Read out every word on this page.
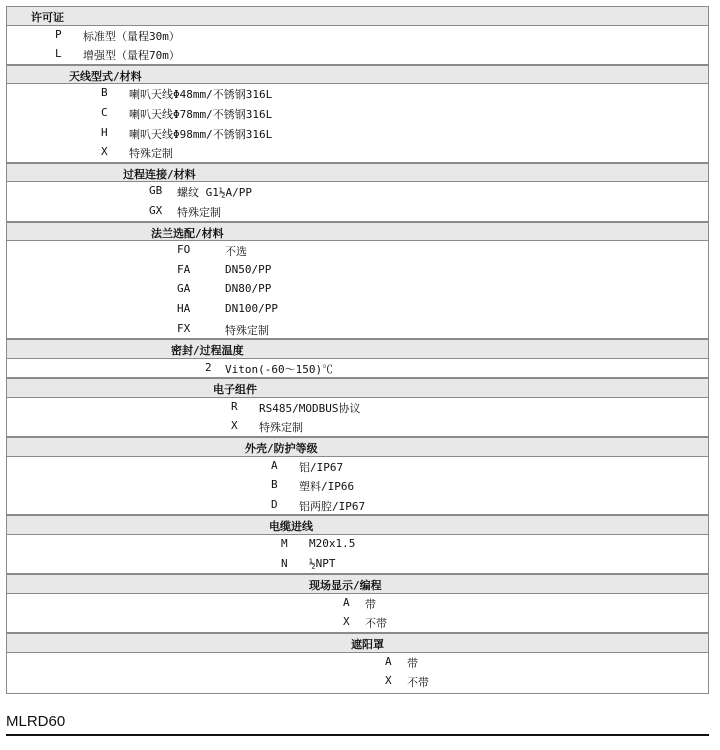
许可证
P 标准型（量程30m）
L 增强型（量程70m）
天线型式/材料
B 喇叭天线Φ48mm/不锈钢316L
C 喇叭天线Φ78mm/不锈钢316L
H 喇叭天线Φ98mm/不锈钢316L
X 特殊定制
过程连接/材料
GB 螺纹 G1½A/PP
GX 特殊定制
法兰选配/材料
FO	不选
FA	DN50/PP
GA	DN80/PP
HA	DN100/PP
FX	特殊定制
密封/过程温度
2 Viton(-60～150)℃
电子组件
R RS485/MODBUS协议
X 特殊定制
外壳/防护等级
A 铝/IP67
B 塑料/IP66
D 铝两腔/IP67
电缆进线
M M20x1.5
N ½NPT
现场显示/编程
A 带
X 不带
遮阳罩
A 带
X 不带
MLRD60
